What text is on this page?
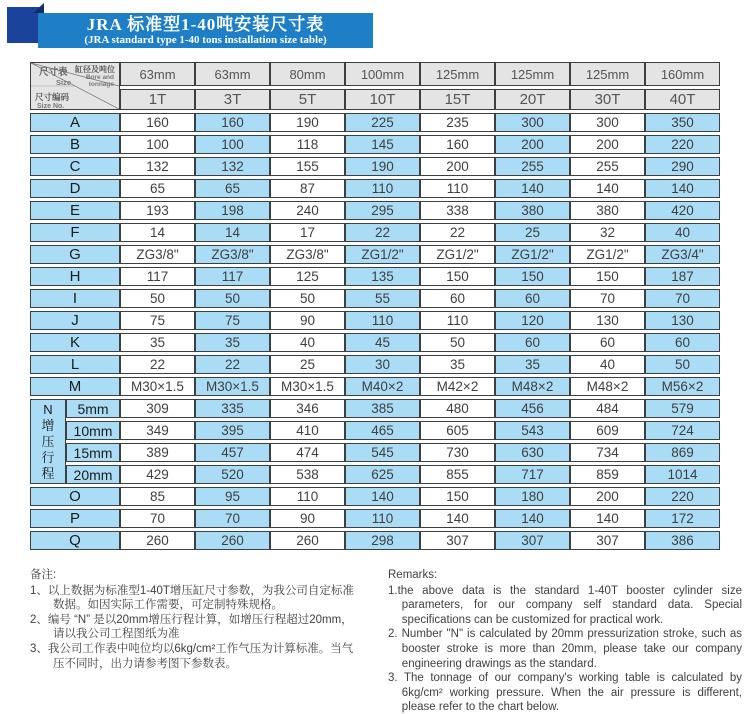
JRA 标准型1-40吨安装尺寸表
(JRA standard type 1-40 tons installation size table)
尺寸表
Size
缸径及吨位
Bore and tonnage
尺寸编码
Size No.
	63mm	63mm	80mm	100mm	125mm	125mm	125mm	160mm
		1T	3T	5T	10T	15T	20T	30T	40T
A		160	160	190	225	235	300	300	350
B		100	100	118	145	160	200	200	220
C		132	132	155	190	200	255	255	290
D		65	65	87	110	110	140	140	140
E		193	198	240	295	338	380	380	420
F		14	14	17	22	22	25	32	40
G		ZG3/8"	ZG3/8"	ZG3/8"	ZG1/2"	ZG1/2"	ZG1/2"	ZG1/2"	ZG3/4"
H		117	117	125	135	150	150	150	187
I		50	50	50	55	60	60	70	70
J		75	75	90	110	110	120	130	130
K		35	35	40	45	50	60	60	60
L		22	22	25	30	35	35	40	50
M		M30×1.5	M30×1.5	M30×1.5	M40×2	M42×2	M48×2	M48×2	M56×2

N
增
压
行
程	5mm	309	335	346	385	480	456	484	579
	10mm	349	395	410	465	605	543	609	724
	15mm	389	457	474	545	730	630	734	869
	20mm	429	520	538	625	855	717	859	1014
O		85	95	110	140	150	180	200	220
P		70	70	90	110	140	140	140	172
Q		260	260	260	298	307	307	307	386
备注:
1、以上数据为标准型1-40T增压缸尺寸参数，为我公司自定标准数据。如因实际工作需要，可定制特殊规格。
2、编号 “N” 是以20mm增压行程计算，如增压行程超过20mm，请以我公司工程图纸为准
3、我公司工作表中吨位均以6kg/cm²工作气压为计算标准。当气压不同时，出力请参考图下参数表。
Remarks:
1.the above data is the standard 1-40T booster cylinder size parameters, for our company self standard data. Special specifications can be customized for practical work.
2. Number "N" is calculated by 20mm pressurization stroke, such as booster stroke is more than 20mm, please take our company engineering drawings as the standard.
3. The tonnage of our company's working table is calculated by 6kg/cm² working pressure. When the air pressure is different, please refer to the chart below.
